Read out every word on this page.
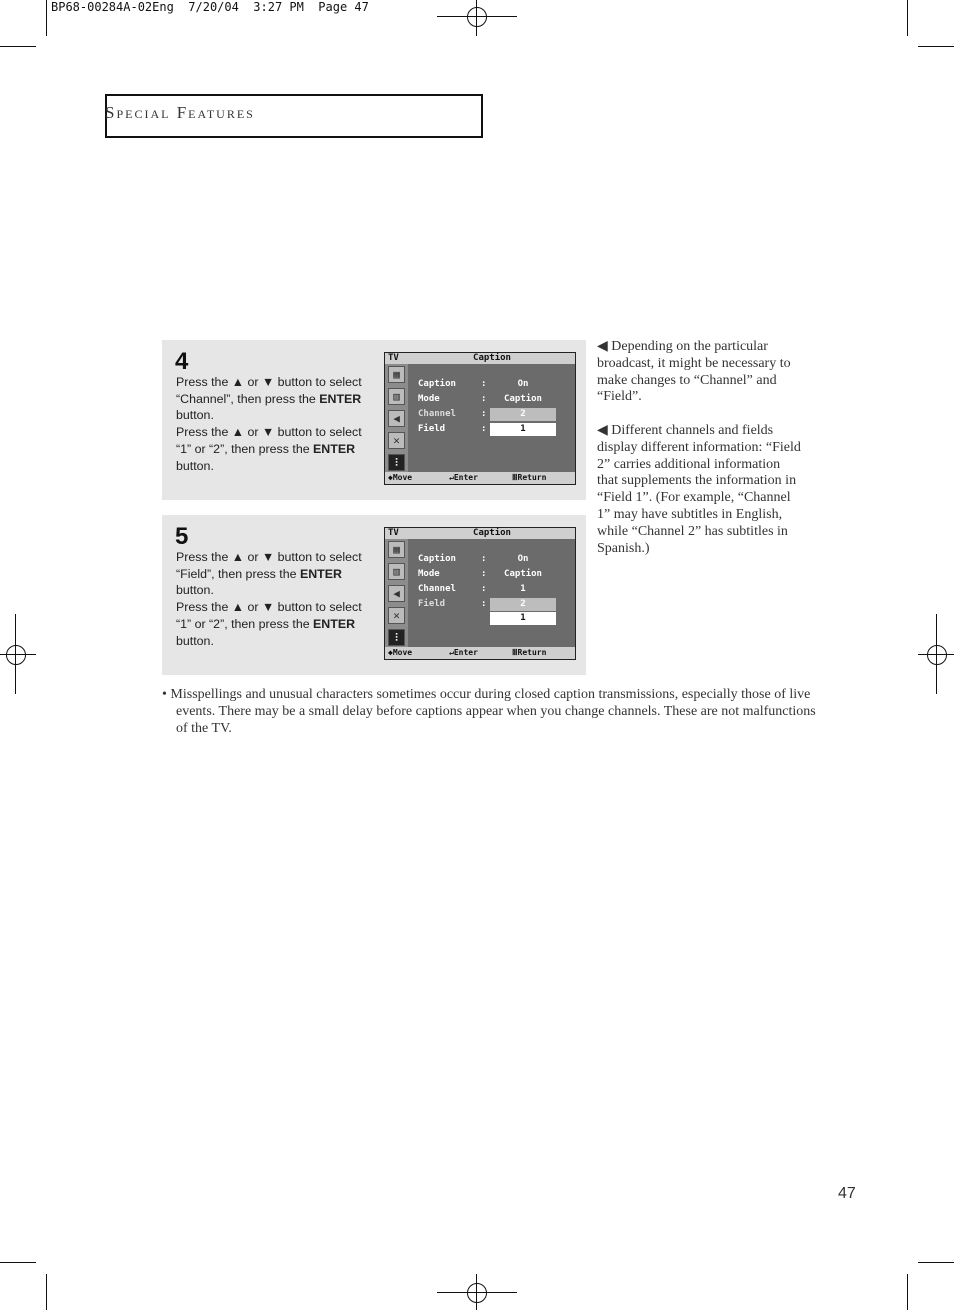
BP68-00284A-02Eng  7/20/04  3:27 PM  Page 47
Special Features
4
Press the ▲ or ▼ button to select “Channel”, then press the ENTER button.
Press the ▲ or ▼ button to select “1” or “2”, then press the ENTER button.
TV	Caption
▦
▥
◀
✕
⫶
Caption	:	On
Mode	:	Caption
Channel	:	2
Field	:	1
◆Move	↵Enter	ⅢReturn
5
Press the ▲ or ▼ button to select “Field”, then press the ENTER button.
Press the ▲ or ▼ button to select “1” or “2”, then press the ENTER button.
TV	Caption
▦
▥
◀
✕
⫶
Caption	:	On
Mode	:	Caption
Channel	:	1
Field	:	2
1
◆Move	↵Enter	ⅢReturn
◀ Depending on the particular broadcast, it might be necessary to make changes to “Channel” and “Field”.
◀ Different channels and fields display different information: “Field 2” carries additional information that supplements the information in “Field 1”. (For example, “Channel 1” may have subtitles in English, while “Channel 2” has subtitles in Spanish.)
• Misspellings and unusual characters sometimes occur during closed caption transmissions, especially those of live events. There may be a small delay before captions appear when you change channels. These are not malfunctions of the TV.
47
